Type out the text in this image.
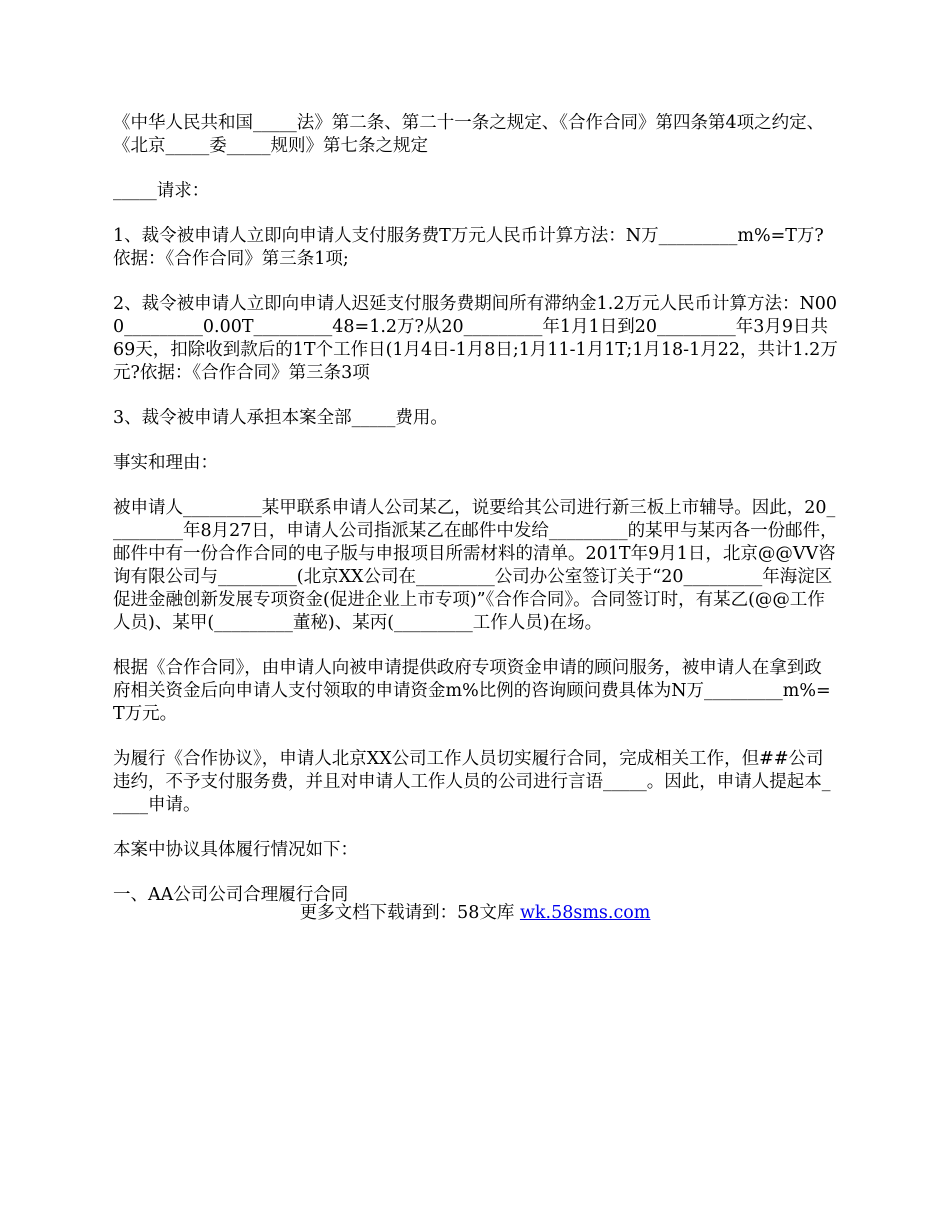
《中华人民共和国_____法》第二条、第二十一条之规定、《合作合同》第四条第4项之约定、《北京_____委_____规则》第七条之规定

_____请求：

1、裁令被申请人立即向申请人支付服务费T万元人民币计算方法：N万_________m%=T万?依据：《合作合同》第三条1项;

2、裁令被申请人立即向申请人迟延支付服务费期间所有滞纳金1.2万元人民币计算方法：N000_________0.00T_________48=1.2万?从20_________年1月1日到20_________年3月9日共69天，扣除收到款后的1T个工作日(1月4日-1月8日;1月11-1月1T;1月18-1月22，共计1.2万元?依据：《合作合同》第三条3项

3、裁令被申请人承担本案全部_____费用。

事实和理由：

被申请人_________某甲联系申请人公司某乙，说要给其公司进行新三板上市辅导。因此，20_________年8月27日，申请人公司指派某乙在邮件中发给_________的某甲与某丙各一份邮件，邮件中有一份合作合同的电子版与申报项目所需材料的清单。201T年9月1日，北京@@VV咨询有限公司与_________(北京XX公司在_________公司办公室签订关于“20_________年海淀区促进金融创新发展专项资金(促进企业上市专项)”《合作合同》。合同签订时，有某乙(@@工作人员)、某甲(_________董秘)、某丙(_________工作人员)在场。

根据《合作合同》，由申请人向被申请提供政府专项资金申请的顾问服务，被申请人在拿到政府相关资金后向申请人支付领取的申请资金m%比例的咨询顾问费具体为N万_________m%=T万元。

为履行《合作协议》，申请人北京XX公司工作人员切实履行合同，完成相关工作，但##公司违约，不予支付服务费，并且对申请人工作人员的公司进行言语_____。因此，申请人提起本_____申请。

本案中协议具体履行情况如下：

一、AA公司公司合理履行合同

更多文档下载请到：58文库 wk.58sms.com
